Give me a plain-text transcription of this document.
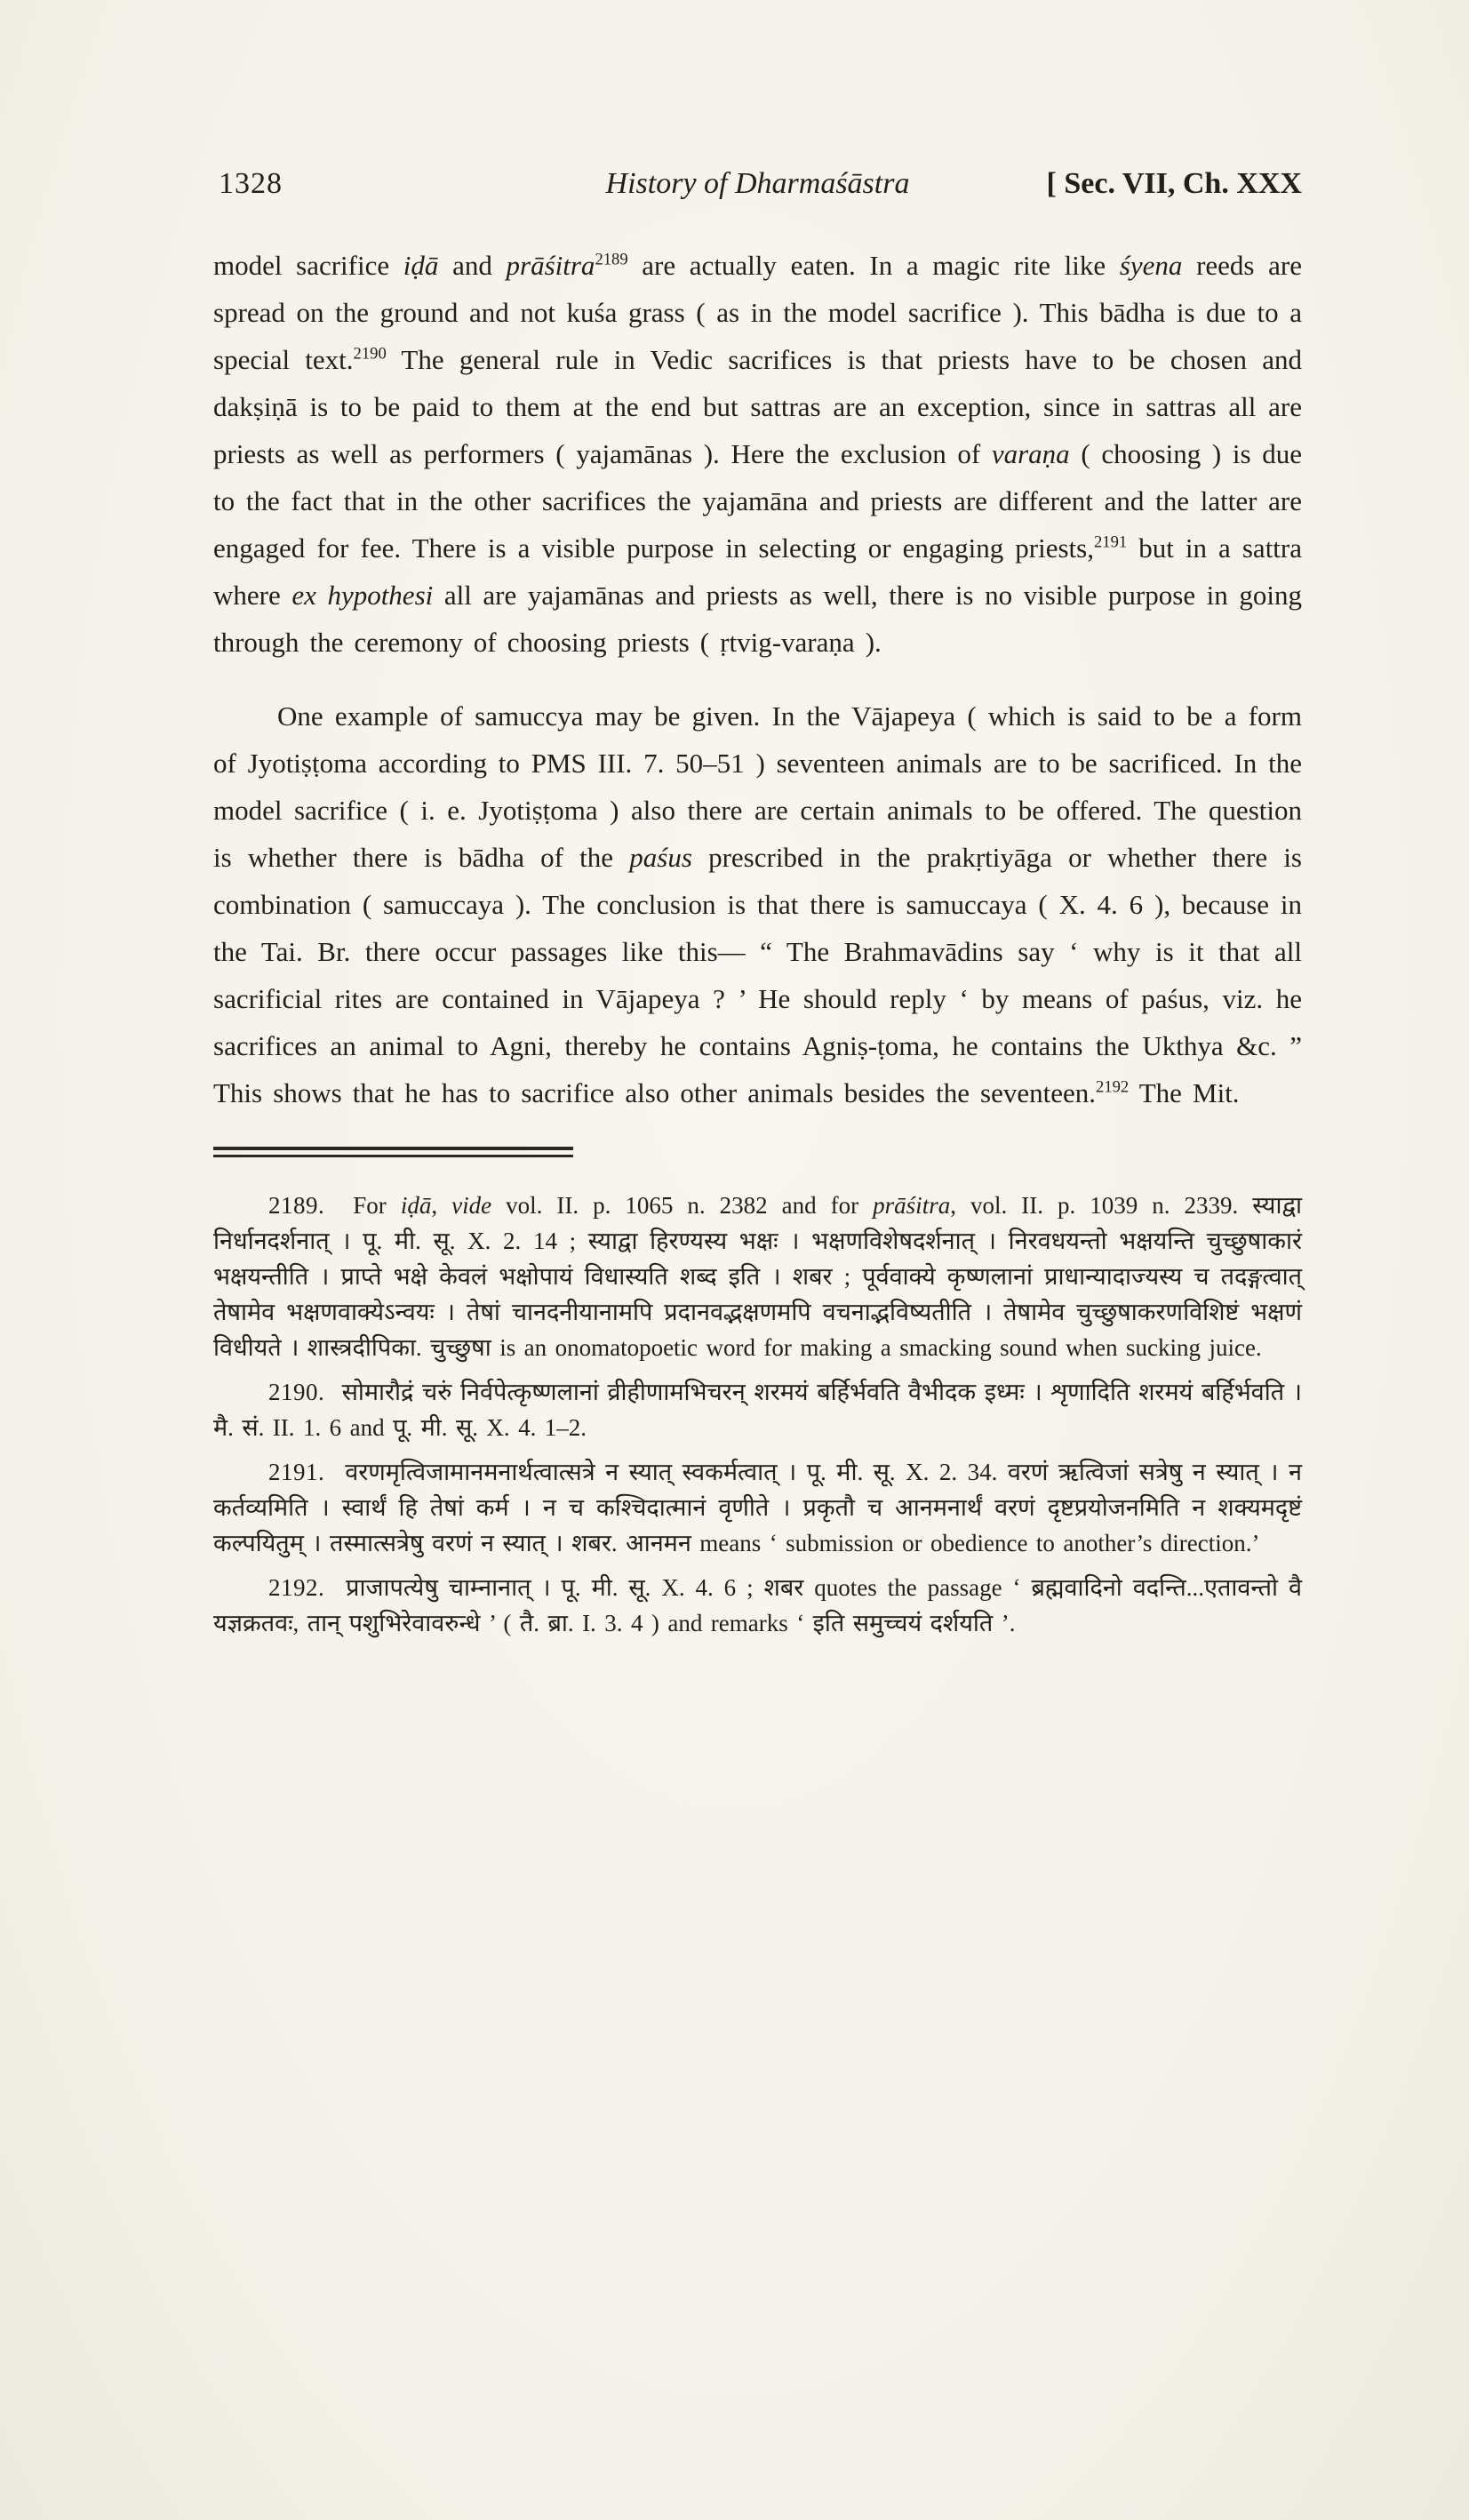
1328	History of Dharmaśāstra	[ Sec. VII, Ch. XXX

model sacrifice iḍā and prāśitra$^{2189}$ are actually eaten. In a magic rite like śyena reeds are spread on the ground and not kuśa grass ( as in the model sacrifice ). This bādha is due to a special text.$^{2190}$ The general rule in Vedic sacrifices is that priests have to be chosen and dakṣiṇā is to be paid to them at the end but sattras are an exception, since in sattras all are priests as well as performers ( yajamānas ). Here the exclusion of varaṇa ( choosing ) is due to the fact that in the other sacrifices the yajamāna and priests are different and the latter are engaged for fee. There is a visible purpose in selecting or engaging priests,$^{2191}$ but in a sattra where ex hypothesi all are yajamānas and priests as well, there is no visible purpose in going through the ceremony of choosing priests ( ṛtvig-varaṇa ).

One example of samuccya may be given. In the Vājapeya ( which is said to be a form of Jyotiṣṭoma according to PMS III. 7. 50–51 ) seventeen animals are to be sacrificed. In the model sacrifice ( i. e. Jyotiṣṭoma ) also there are certain animals to be offered. The question is whether there is bādha of the paśus prescribed in the prakṛtiyāga or whether there is combination ( samuccaya ). The conclusion is that there is samuccaya ( X. 4. 6 ), because in the Tai. Br. there occur passages like this— “ The Brahmavādins say ‘ why is it that all sacrificial rites are contained in Vājapeya ? ’ He should reply ‘ by means of paśus, viz. he sacrifices an animal to Agni, thereby he contains Agniṣ-ṭoma, he contains the Ukthya &c. ” This shows that he has to sacrifice also other animals besides the seventeen.$^{2192}$ The Mit.

2189. For iḍā, vide vol. II. p. 1065 n. 2382 and for prāśitra, vol. II. p. 1039 n. 2339. स्याद्वा निर्धानदर्शनात् । पू. मी. सू. X. 2. 14 ; स्याद्वा हिरण्यस्य भक्षः । भक्षणविशेषदर्शनात् । निरवधयन्तो भक्षयन्ति चुच्छुषाकारं भक्षयन्तीति । प्राप्ते भक्षे केवलं भक्षोपायं विधास्यति शब्द इति । शबर ; पूर्ववाक्ये कृष्णलानां प्राधान्यादाज्यस्य च तदङ्गत्वात् तेषामेव भक्षणवाक्येऽन्वयः । तेषां चानदनीयानामपि प्रदानवद्भक्षणमपि वचनाद्भविष्यतीति । तेषामेव चुच्छुषाकरणविशिष्टं भक्षणं विधीयते । शास्त्रदीपिका. चुच्छुषा is an onomatopoetic word for making a smacking sound when sucking juice.

2190. सोमारौद्रं चरुं निर्वपेत्कृष्णलानां व्रीहीणामभिचरन् शरमयं बर्हिर्भवति वैभीदक इध्मः । शृणादिति शरमयं बर्हिर्भवति । मै. सं. II. 1. 6 and पू. मी. सू. X. 4. 1–2.

2191. वरणमृत्विजामानमनार्थत्वात्सत्रे न स्यात् स्वकर्मत्वात् । पू. मी. सू. X. 2. 34. वरणं ऋत्विजां सत्रेषु न स्यात् । न कर्तव्यमिति । स्वार्थं हि तेषां कर्म । न च कश्चिदात्मानं वृणीते । प्रकृतौ च आनमनार्थं वरणं दृष्टप्रयोजनमिति न शक्यमदृष्टं कल्पयितुम् । तस्मात्सत्रेषु वरणं न स्यात् । शबर. आनमन means ‘ submission or obedience to another’s direction.’

2192. प्राजापत्येषु चाम्नानात् । पू. मी. सू. X. 4. 6 ; शबर quotes the passage ‘ ब्रह्मवादिनो वदन्ति...एतावन्तो वै यज्ञक्रतवः, तान् पशुभिरेवावरुन्धे ’ ( तै. ब्रा. I. 3. 4 ) and remarks ‘ इति समुच्चयं दर्शयति ’.
